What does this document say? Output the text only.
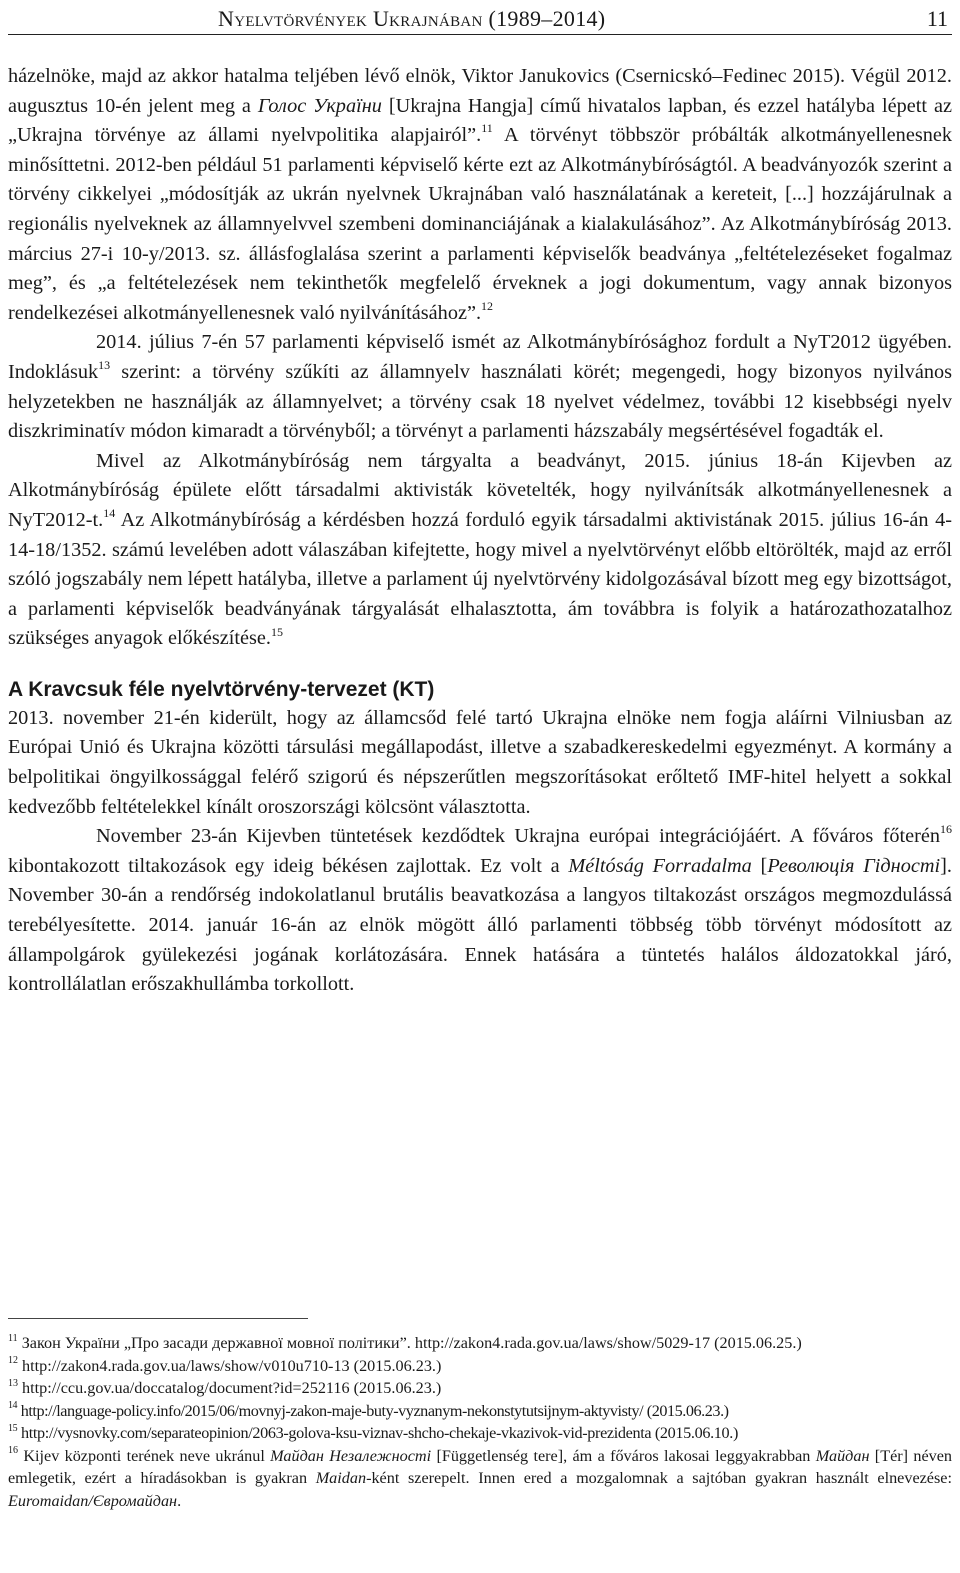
Nyelvtörvények Ukrajnában (1989–2014)	11

házelnöke, majd az akkor hatalma teljében lévő elnök, Viktor Janukovics (Csernicskó–Fedinec 2015). Végül 2012. augusztus 10-én jelent meg a Голос України [Ukrajna Hangja] című hivatalos lapban, és ezzel hatályba lépett az „Ukrajna törvénye az állami nyelvpolitika alapjairól”.$^{11}$ A törvényt többször próbálták alkotmányellenesnek minősíttetni. 2012-ben például 51 parlamenti képviselő kérte ezt az Alkotmánybíróságtól. A beadványozók szerint a törvény cikkelyei „módosítják az ukrán nyelvnek Ukrajnában való használatának a kereteit, [...] hozzájárulnak a regionális nyelveknek az államnyelvvel szembeni dominanciájának a kialakulásához”. Az Alkotmánybíróság 2013. március 27-i 10-y/2013. sz. állásfoglalása szerint a parlamenti képviselők beadványa „feltételezéseket fogalmaz meg”, és „a feltételezések nem tekinthetők megfelelő érveknek a jogi dokumentum, vagy annak bizonyos rendelkezései alkotmányellenesnek való nyilvánításához”.$^{12}$

2014. július 7-én 57 parlamenti képviselő ismét az Alkotmánybírósághoz fordult a NyT2012 ügyében. Indoklásuk$^{13}$ szerint: a törvény szűkíti az államnyelv használati körét; megengedi, hogy bizonyos nyilvános helyzetekben ne használják az államnyelvet; a törvény csak 18 nyelvet védelmez, további 12 kisebbségi nyelv diszkriminatív módon kimaradt a törvényből; a törvényt a parlamenti házszabály megsértésével fogadták el.

Mivel az Alkotmánybíróság nem tárgyalta a beadványt, 2015. június 18-án Kijevben az Alkotmánybíróság épülete előtt társadalmi aktivisták követelték, hogy nyilvánítsák alkotmányellenesnek a NyT2012-t.$^{14}$ Az Alkotmánybíróság a kérdésben hozzá forduló egyik társadalmi aktivistának 2015. július 16-án 4-14-18/1352. számú levelében adott válaszában kifejtette, hogy mivel a nyelvtörvényt előbb eltörölték, majd az erről szóló jogszabály nem lépett hatályba, illetve a parlament új nyelvtörvény kidolgozásával bízott meg egy bizottságot, a parlamenti képviselők beadványának tárgyalását elhalasztotta, ám továbbra is folyik a határozathozatalhoz szükséges anyagok előkészítése.$^{15}$

A Kravcsuk féle nyelvtörvény-tervezet (KT)

2013. november 21-én kiderült, hogy az államcsőd felé tartó Ukrajna elnöke nem fogja aláírni Vilniusban az Európai Unió és Ukrajna közötti társulási megállapodást, illetve a szabadkereskedelmi egyezményt. A kormány a belpolitikai öngyilkossággal felérő szigorú és népszerűtlen megszorításokat erőltető IMF-hitel helyett a sokkal kedvezőbb feltételekkel kínált oroszországi kölcsönt választotta.

November 23-án Kijevben tüntetések kezdődtek Ukrajna európai integrációjáért. A főváros főterén$^{16}$ kibontakozott tiltakozások egy ideig békésen zajlottak. Ez volt a Méltóság Forradalma [Революція Гідності]. November 30-án a rendőrség indokolatlanul brutális beavatkozása a langyos tiltakozást országos megmozdulássá terebélyesítette. 2014. január 16-án az elnök mögött álló parlamenti többség több törvényt módosított az állampolgárok gyülekezési jogának korlátozására. Ennek hatására a tüntetés halálos áldozatokkal járó, kontrollálatlan erőszakhullámba torkollott.

$^{11}$ Закон України „Про засади державної мовної політики”. http://zakon4.rada.gov.ua/laws/show/5029-17 (2015.06.25.)

$^{12}$ http://zakon4.rada.gov.ua/laws/show/v010u710-13 (2015.06.23.)

$^{13}$ http://ccu.gov.ua/doccatalog/document?id=252116 (2015.06.23.)

$^{14}$ http://language-policy.info/2015/06/movnyj-zakon-maje-buty-vyznanym-nekonstytutsijnym-aktyvisty/ (2015.06.23.)

$^{15}$ http://vysnovky.com/separateopinion/2063-golova-ksu-viznav-shcho-chekaje-vkazivok-vid-prezidenta (2015.06.10.)

$^{16}$ Kijev központi terének neve ukránul Майдан Незалежності [Függetlenség tere], ám a főváros lakosai leggyakrabban Майдан [Tér] néven emlegetik, ezért a híradásokban is gyakran Maidan-ként szerepelt. Innen ered a mozgalomnak a sajtóban gyakran használt elnevezése: Euromaidan/Євромайдан.
